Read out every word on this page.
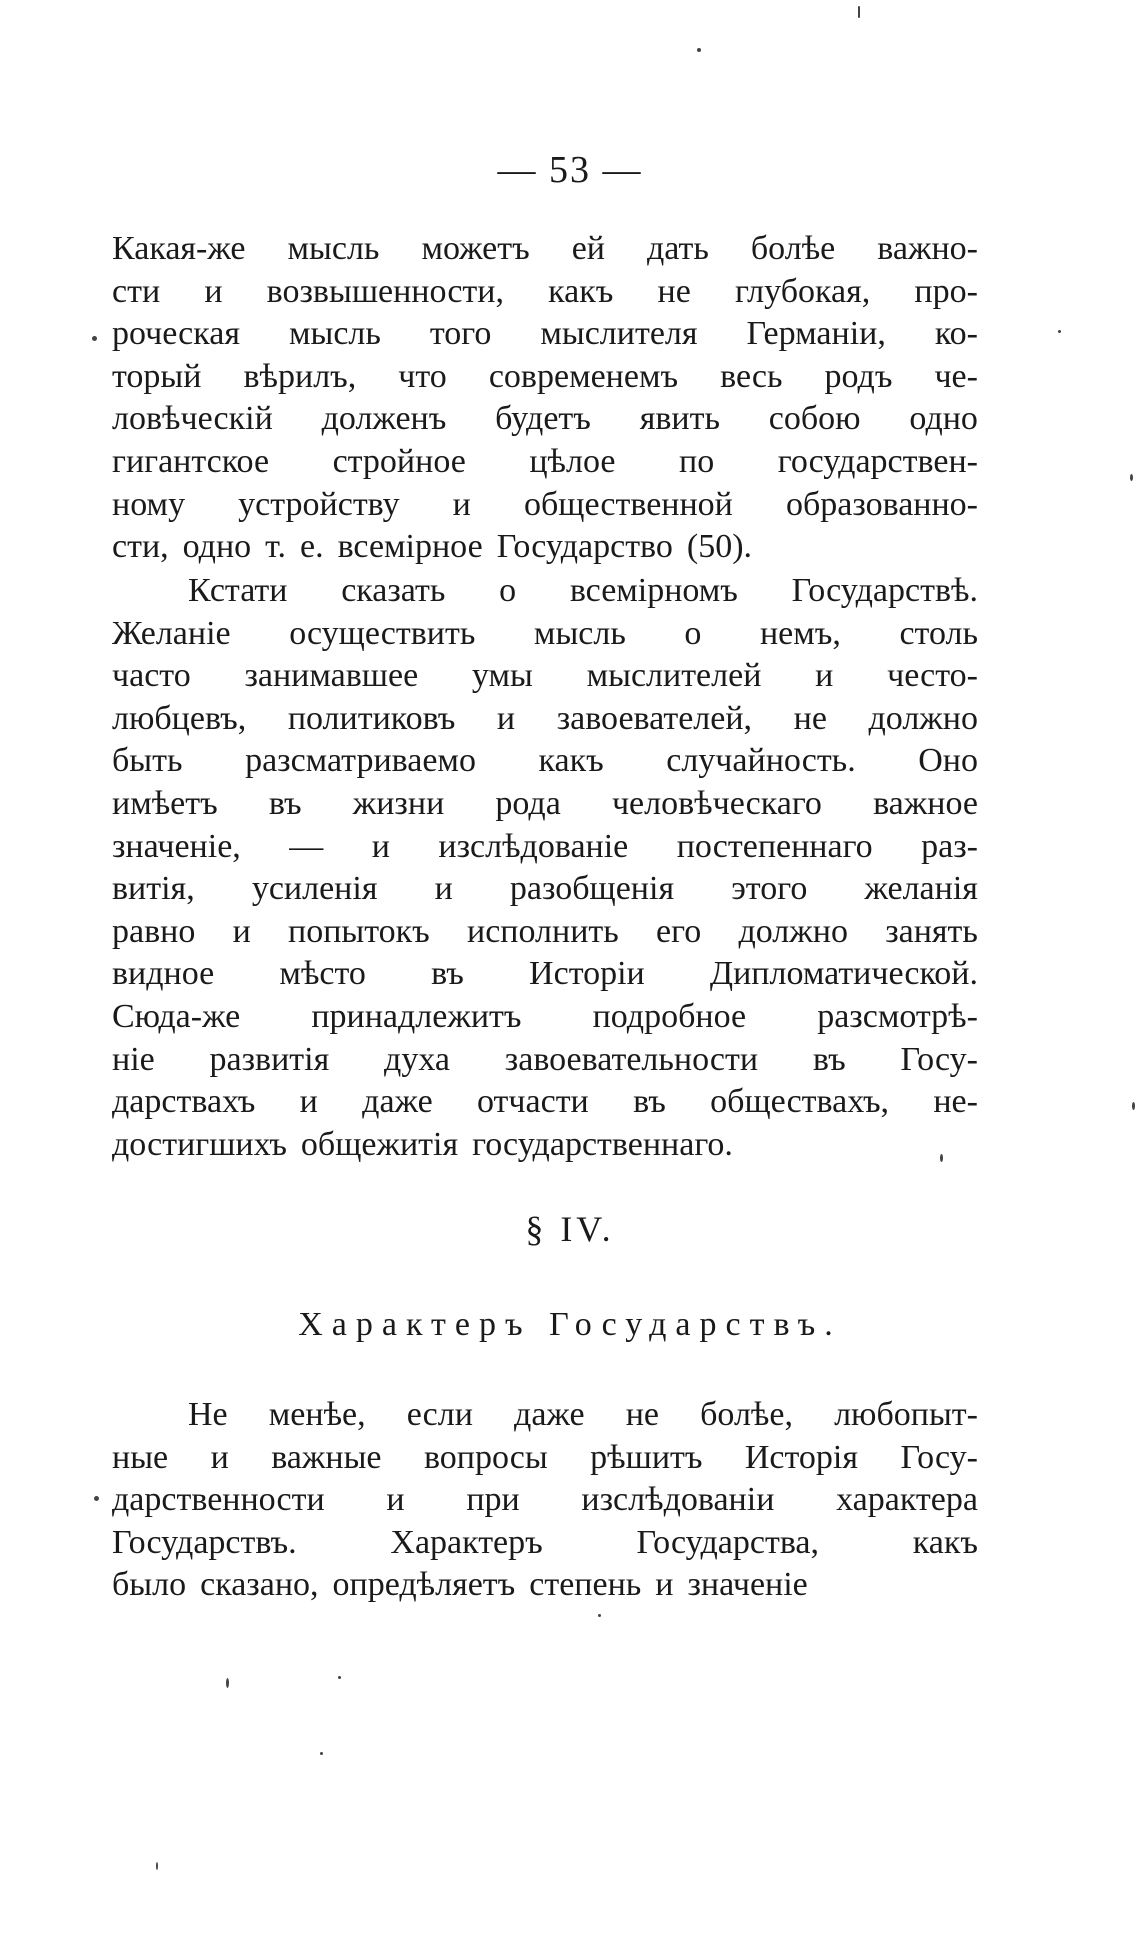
— 53 —
Какая-же мысль можетъ ей дать болѣе важно-
сти и возвышенности, какъ не глубокая, про-
роческая мысль того мыслителя Германіи, ко-
торый вѣрилъ, что современемъ весь родъ че-
ловѣческій долженъ будетъ явить собою одно
гигантское стройное цѣлое по государствен-
ному устройству и общественной образованно-
сти, одно т. е. всемірное Государство (50).
Кстати сказать о всемірномъ Государствѣ.
Желаніе осуществить мысль о немъ, столь
часто занимавшее умы мыслителей и често-
любцевъ, политиковъ и завоевателей, не должно
быть разсматриваемо какъ случайность. Оно
имѣетъ въ жизни рода человѣческаго важное
значеніе, — и изслѣдованіе постепеннаго раз-
витія, усиленія и разобщенія этого желанія
равно и попытокъ исполнить его должно занять
видное мѣсто въ Исторіи Дипломатической.
Сюда-же принадлежитъ подробное разсмотрѣ-
ніе развитія духа завоевательности въ Госу-
дарствахъ и даже отчасти въ обществахъ, не-
достигшихъ общежитія государственнаго.
§ IV.
Характеръ Государствъ.
Не менѣе, если даже не болѣе, любопыт-
ные и важные вопросы рѣшитъ Исторія Госу-
дарственности и при изслѣдованіи характера
Государствъ.	Характеръ	Государства,	какъ
было сказано, опредѣляетъ степень и значеніе
